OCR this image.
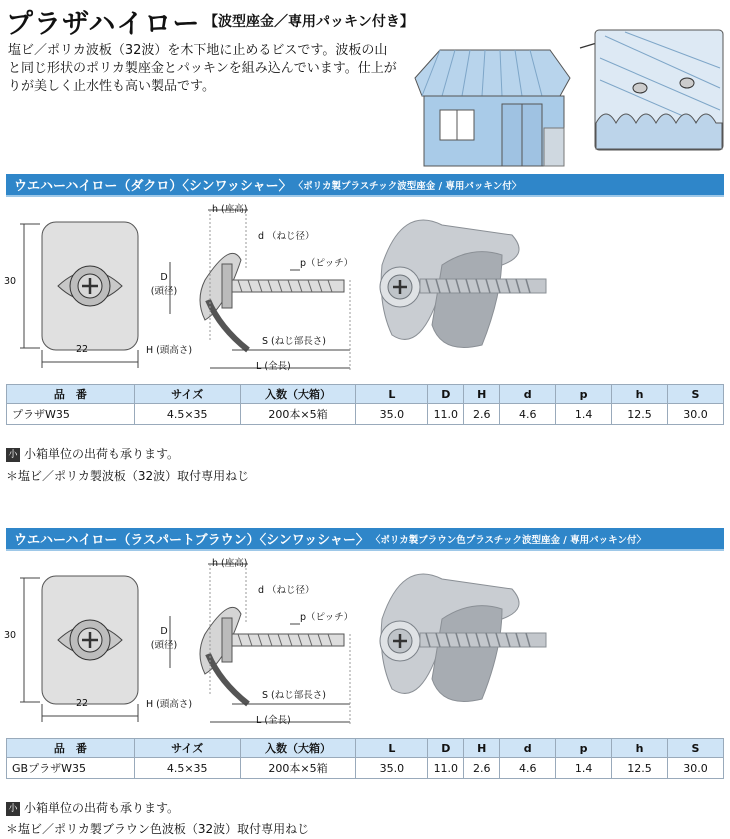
プラザハイロー 【波型座金／専用パッキン付き】
塩ビ／ポリカ波板（32波）を木下地に止めるビスです。波板の山と同じ形状のポリカ製座金とパッキンを組み込んでいます。仕上がりが美しく止水性も高い製品です。
ウエハーハイロー（ダクロ）〈シンワッシャー〉 〈ポリカ製プラスチック波型座金 / 専用パッキン付〉
30
22
h (座高)
d （ねじ径）
p（ピッチ）
D
(頭径)
H (頭高さ)
S (ねじ部長さ)
L (全長)
品　番	サイズ	入数（大箱）	L	D	H	d	p	h	S
プラザW35	4.5×35	200本×5箱	35.0	11.0	2.6	4.6	1.4	12.5	30.0
小 小箱単位の出荷も承ります。
＊塩ビ／ポリカ製波板（32波）取付専用ねじ
ウエハーハイロー（ラスパートブラウン）〈シンワッシャー〉 〈ポリカ製ブラウン色プラスチック波型座金 / 専用パッキン付〉
30
22
h (座高)
d （ねじ径）
p（ピッチ）
D
(頭径)
H (頭高さ)
S (ねじ部長さ)
L (全長)
品　番	サイズ	入数（大箱）	L	D	H	d	p	h	S
GBプラザW35	4.5×35	200本×5箱	35.0	11.0	2.6	4.6	1.4	12.5	30.0
小 小箱単位の出荷も承ります。
＊塩ビ／ポリカ製ブラウン色波板（32波）取付専用ねじ
